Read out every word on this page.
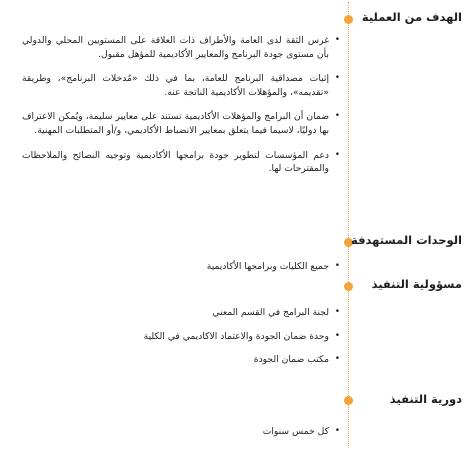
الهدف من العملية
•
غرس الثقة لدى العامة والأطراف ذات العلاقة على المستويين المحلي والدولي بأن مستوى جودة البرنامج والمعايير الأكاديمية للمؤهل مقبول.
•
إثبات مصداقية البرنامج للعامة، بما في ذلك «مُدخلات البرنامج»، وطريقة «تقديمه»، والمؤهلات الأكاديمية الناتجة عنه.
•
ضمان أن البرامج والمؤهلات الأكاديمية تستند على معايير سليمة، ويُمكن الاعتراف بها دوليًا، لاسيما فيما يتعلق بمعايير الانضباط الأكاديمي، و/أو المتطلبات المهنية.
•
دعم المؤسسات لتطوير جودة برامجها الأكاديمية وتوجيه النصائح والملاحظات والمقترحات لها.
الوحدات المستهدفة
•
جميع الكليات وبرامجها الأكاديمية
مسؤولية التنفيذ
•
لجنة البرامج في القسم المعني
•
وحدة ضمان الجودة والاعتماد الاكاديمي في الكلية
•
مكتب ضمان الجودة
دورية التنفيذ
•
كل خمس سنوات
